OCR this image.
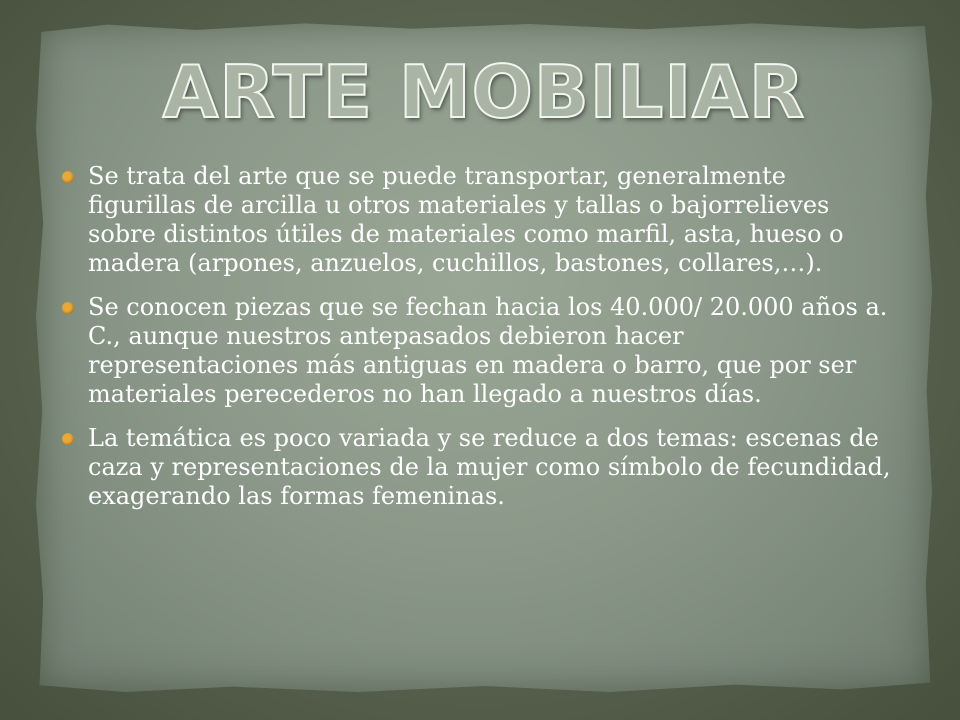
ARTE MOBILIAR
Se trata del arte que se puede transportar, generalmente figurillas de arcilla u otros materiales y tallas o bajorrelieves sobre distintos útiles de materiales como marfil, asta, hueso o madera (arpones, anzuelos, cuchillos, bastones, collares,…).
Se conocen piezas que se fechan hacia los 40.000/ 20.000 años a. C., aunque nuestros antepasados debieron hacer representaciones más antiguas en madera o barro, que por ser materiales perecederos no han llegado a nuestros días.
La temática es poco variada y se reduce a dos temas: escenas de caza y representaciones de la mujer como símbolo de fecundidad, exagerando las formas femeninas.
